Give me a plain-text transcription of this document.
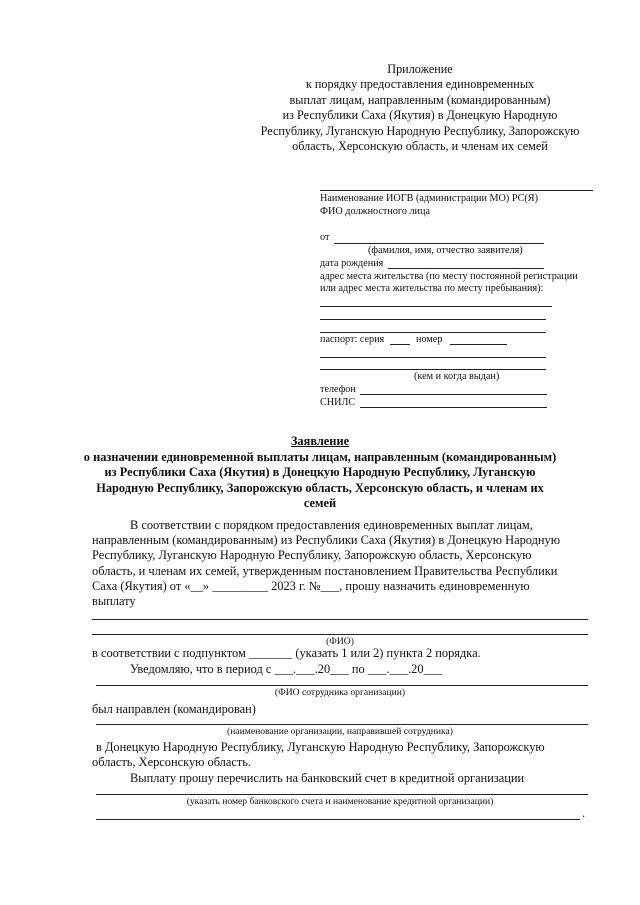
Приложение
к порядку предоставления единовременных
выплат лицам, направленным (командированным)
из Республики Саха (Якутия) в Донецкую Народную
Республику, Луганскую Народную Республику, Запорожскую
область, Херсонскую область, и членам их семей
Наименование ИОГВ (администрации МО) РС(Я)
ФИО должностного лица
от
(фамилия, имя, отчество заявителя)
дата рождения
адрес места жительства (по месту постоянной регистрации
или адрес места жительства по месту пребывания):
паспорт: серия	номер
(кем и когда выдан)
телефон
СНИЛС
Заявление
о назначении единовременной выплаты лицам, направленным (командированным)
из Республики Саха (Якутия) в Донецкую Народную Республику, Луганскую
Народную Республику, Запорожскую область, Херсонскую область, и членам их
семей
В соответствии с порядком предоставления единовременных выплат лицам,
направленным (командированным) из Республики Саха (Якутия) в Донецкую Народную
Республику, Луганскую Народную Республику, Запорожскую область, Херсонскую
область, и членам их семей, утвержденным постановлением Правительства Республики
Саха (Якутия) от «__» _________ 2023 г. №___, прошу назначить единовременную
выплату
(ФИО)
в соответствии с подпунктом _______ (указать 1 или 2) пункта 2 порядка.
Уведомляю, что в период с ___.___.20___ по ___.___.20___
(ФИО сотрудника организации)
был направлен (командирован)
(наименование организации, направившей сотрудника)
в Донецкую Народную Республику, Луганскую Народную Республику, Запорожскую
область, Херсонскую область.
Выплату прошу перечислить на банковский счет в кредитной организации
(указать номер банковского счета и наименование кредитной организации)
.
